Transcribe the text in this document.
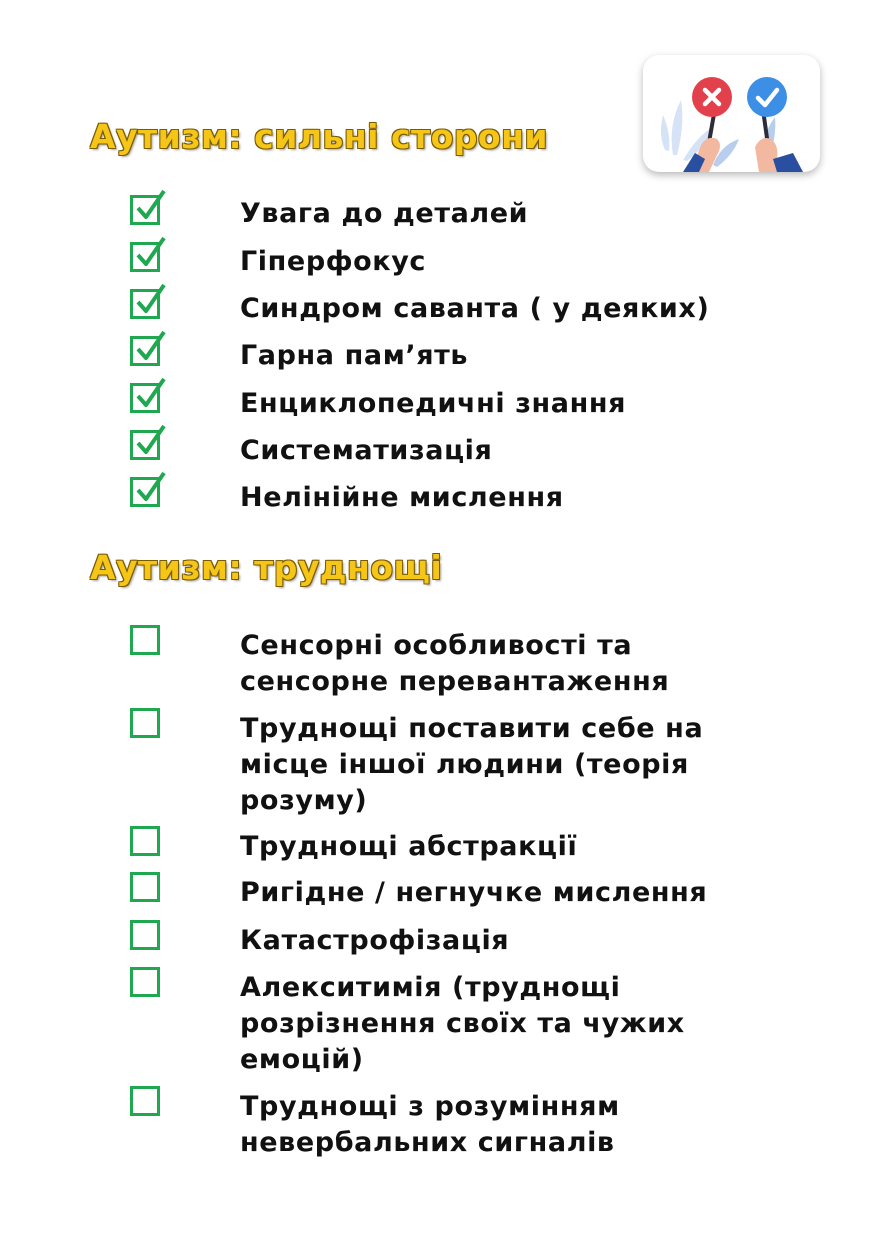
Аутизм: сильні сторони
Увага до деталей
Гіперфокус
Синдром саванта ( у деяких)
Гарна пам’ять
Енциклопедичні знання
Систематизація
Нелінійне мислення
Аутизм: труднощі
Сенсорні особливості та
сенсорне перевантаження
Труднощі поставити себе на
місце іншої людини (теорія
розуму)
Труднощі абстракції
Ригідне / негнучке мислення
Катастрофізація
Алекситимія (труднощі
розрізнення своїх та чужих
емоцій)
Труднощі з розумінням
невербальних сигналів
